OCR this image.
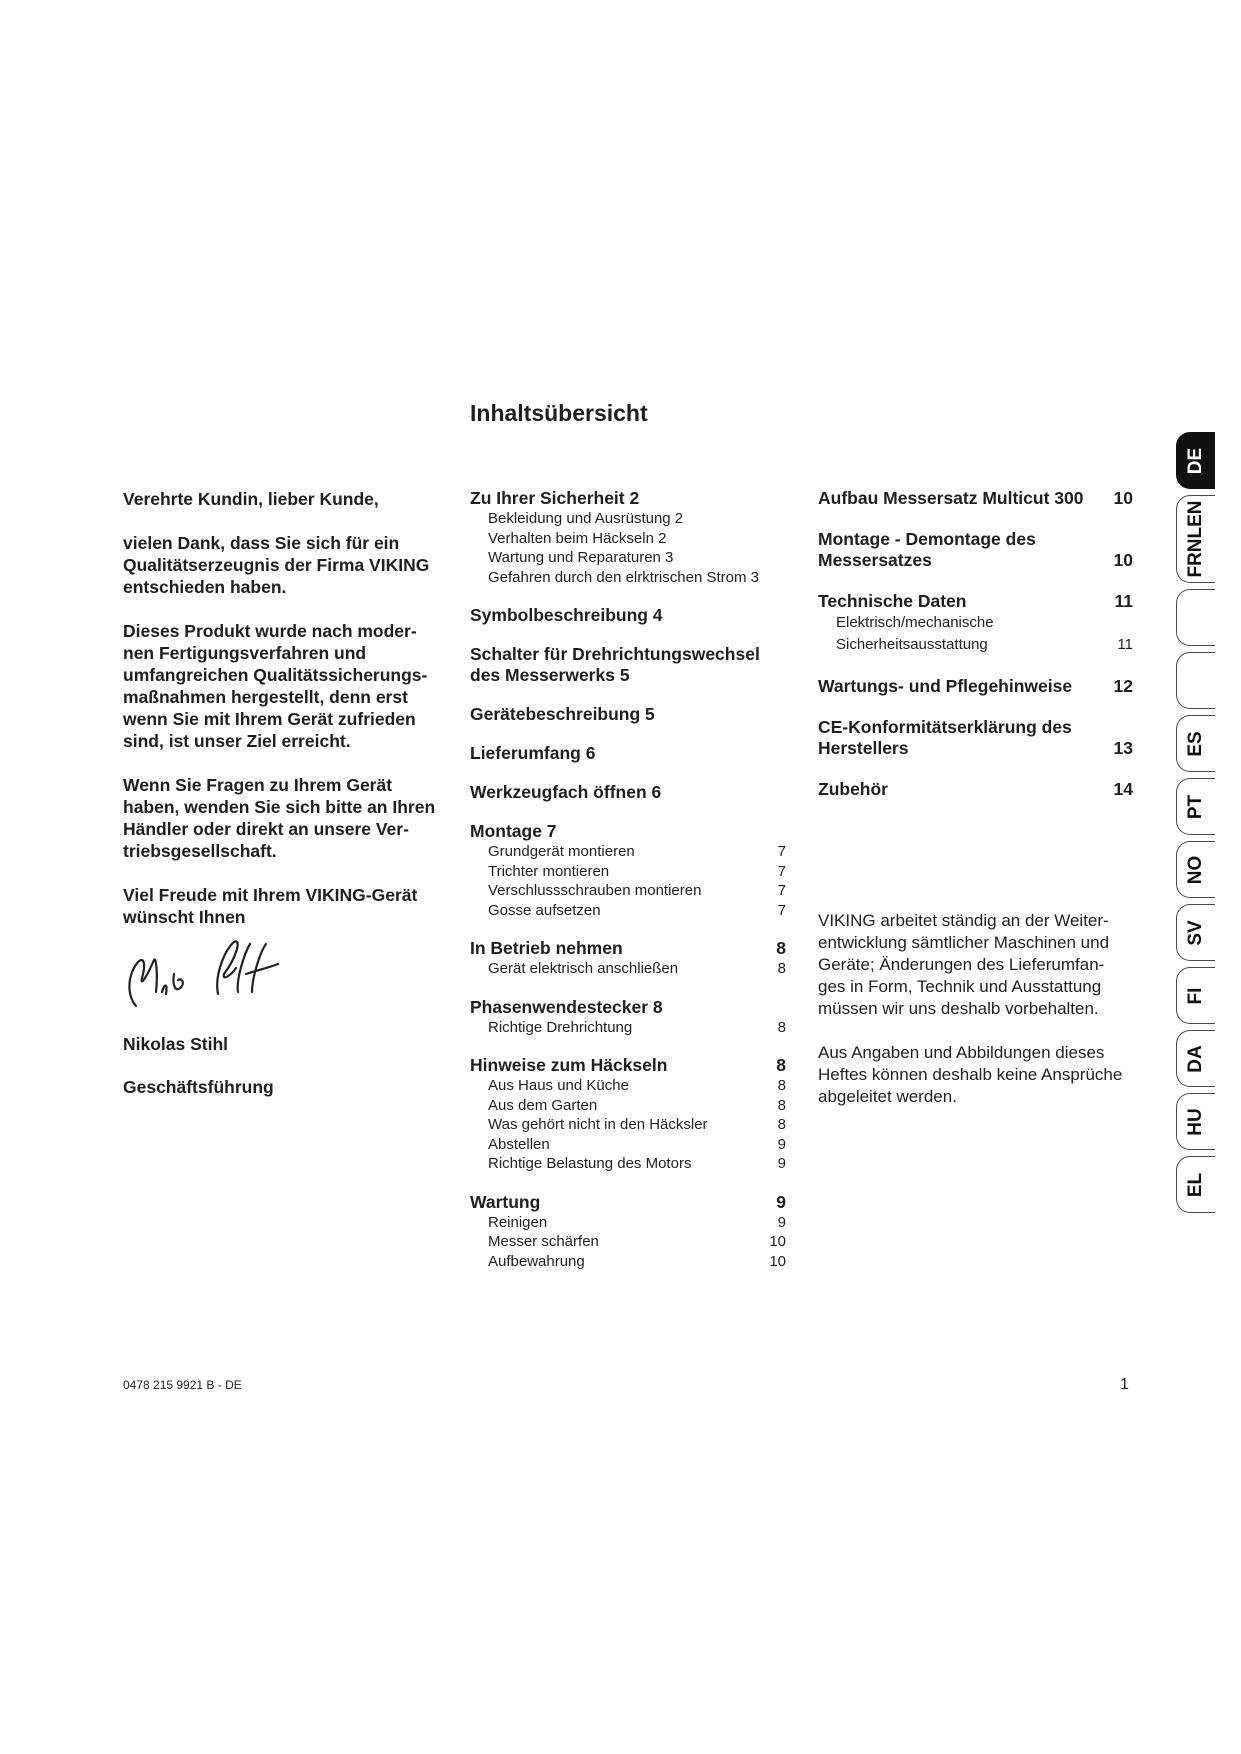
Inhaltsübersicht

Verehrte Kundin, lieber Kunde,

vielen Dank, dass Sie sich für ein Qualitätserzeugnis der Firma VIKING entschieden haben.

Dieses Produkt wurde nach moder-nen Fertigungsverfahren und umfangreichen Qualitätssicherungs-maßnahmen hergestellt, denn erst wenn Sie mit Ihrem Gerät zufrieden sind, ist unser Ziel erreicht.

Wenn Sie Fragen zu Ihrem Gerät haben, wenden Sie sich bitte an Ihren Händler oder direkt an unsere Ver-triebsgesellschaft.

Viel Freude mit Ihrem VIKING-Gerät wünscht Ihnen

Nikolas Stihl
Geschäftsführung
Zu Ihrer Sicherheit 2
Bekleidung und Ausrüstung 2
Verhalten beim Häckseln 2
Wartung und Reparaturen 3
Gefahren durch den elrktrischen Strom 3
Symbolbeschreibung 4
Schalter für Drehrichtungswechsel des Messerwerks 5
Gerätebeschreibung 5
Lieferumfang 6
Werkzeugfach öffnen 6
Montage 7
Grundgerät montieren	7
Trichter montieren	7
Verschlussschrauben montieren	7
Gosse aufsetzen	7
In Betrieb nehmen	8
Gerät elektrisch anschließen	8
Phasenwendestecker 8
Richtige Drehrichtung	8
Hinweise zum Häckseln	8
Aus Haus und Küche	8
Aus dem Garten	8
Was gehört nicht in den Häcksler	8
Abstellen	9
Richtige Belastung des Motors	9
Wartung	9
Reinigen	9
Messer schärfen	10
Aufbewahrung	10
Aufbau Messersatz Multicut 300 10
Montage - Demontage des Messersatzes	10
Technische Daten	11
Elektrisch/mechanische Sicherheitsausstattung	11
Wartungs- und Pflegehinweise 12
CE-Konformitätserklärung des Herstellers	13
Zubehör	14
VIKING arbeitet ständig an der Weiter-entwicklung sämtlicher Maschinen und Geräte; Änderungen des Lieferumfan-ges in Form, Technik und Ausstattung müssen wir uns deshalb vorbehalten.
Aus Angaben und Abbildungen dieses Heftes können deshalb keine Ansprüche abgeleitet werden.
0478 215 9921 B - DE	1
DE
FRNLEN
IT
ES
PT
NO
SV
FI
DA
HU
EL
